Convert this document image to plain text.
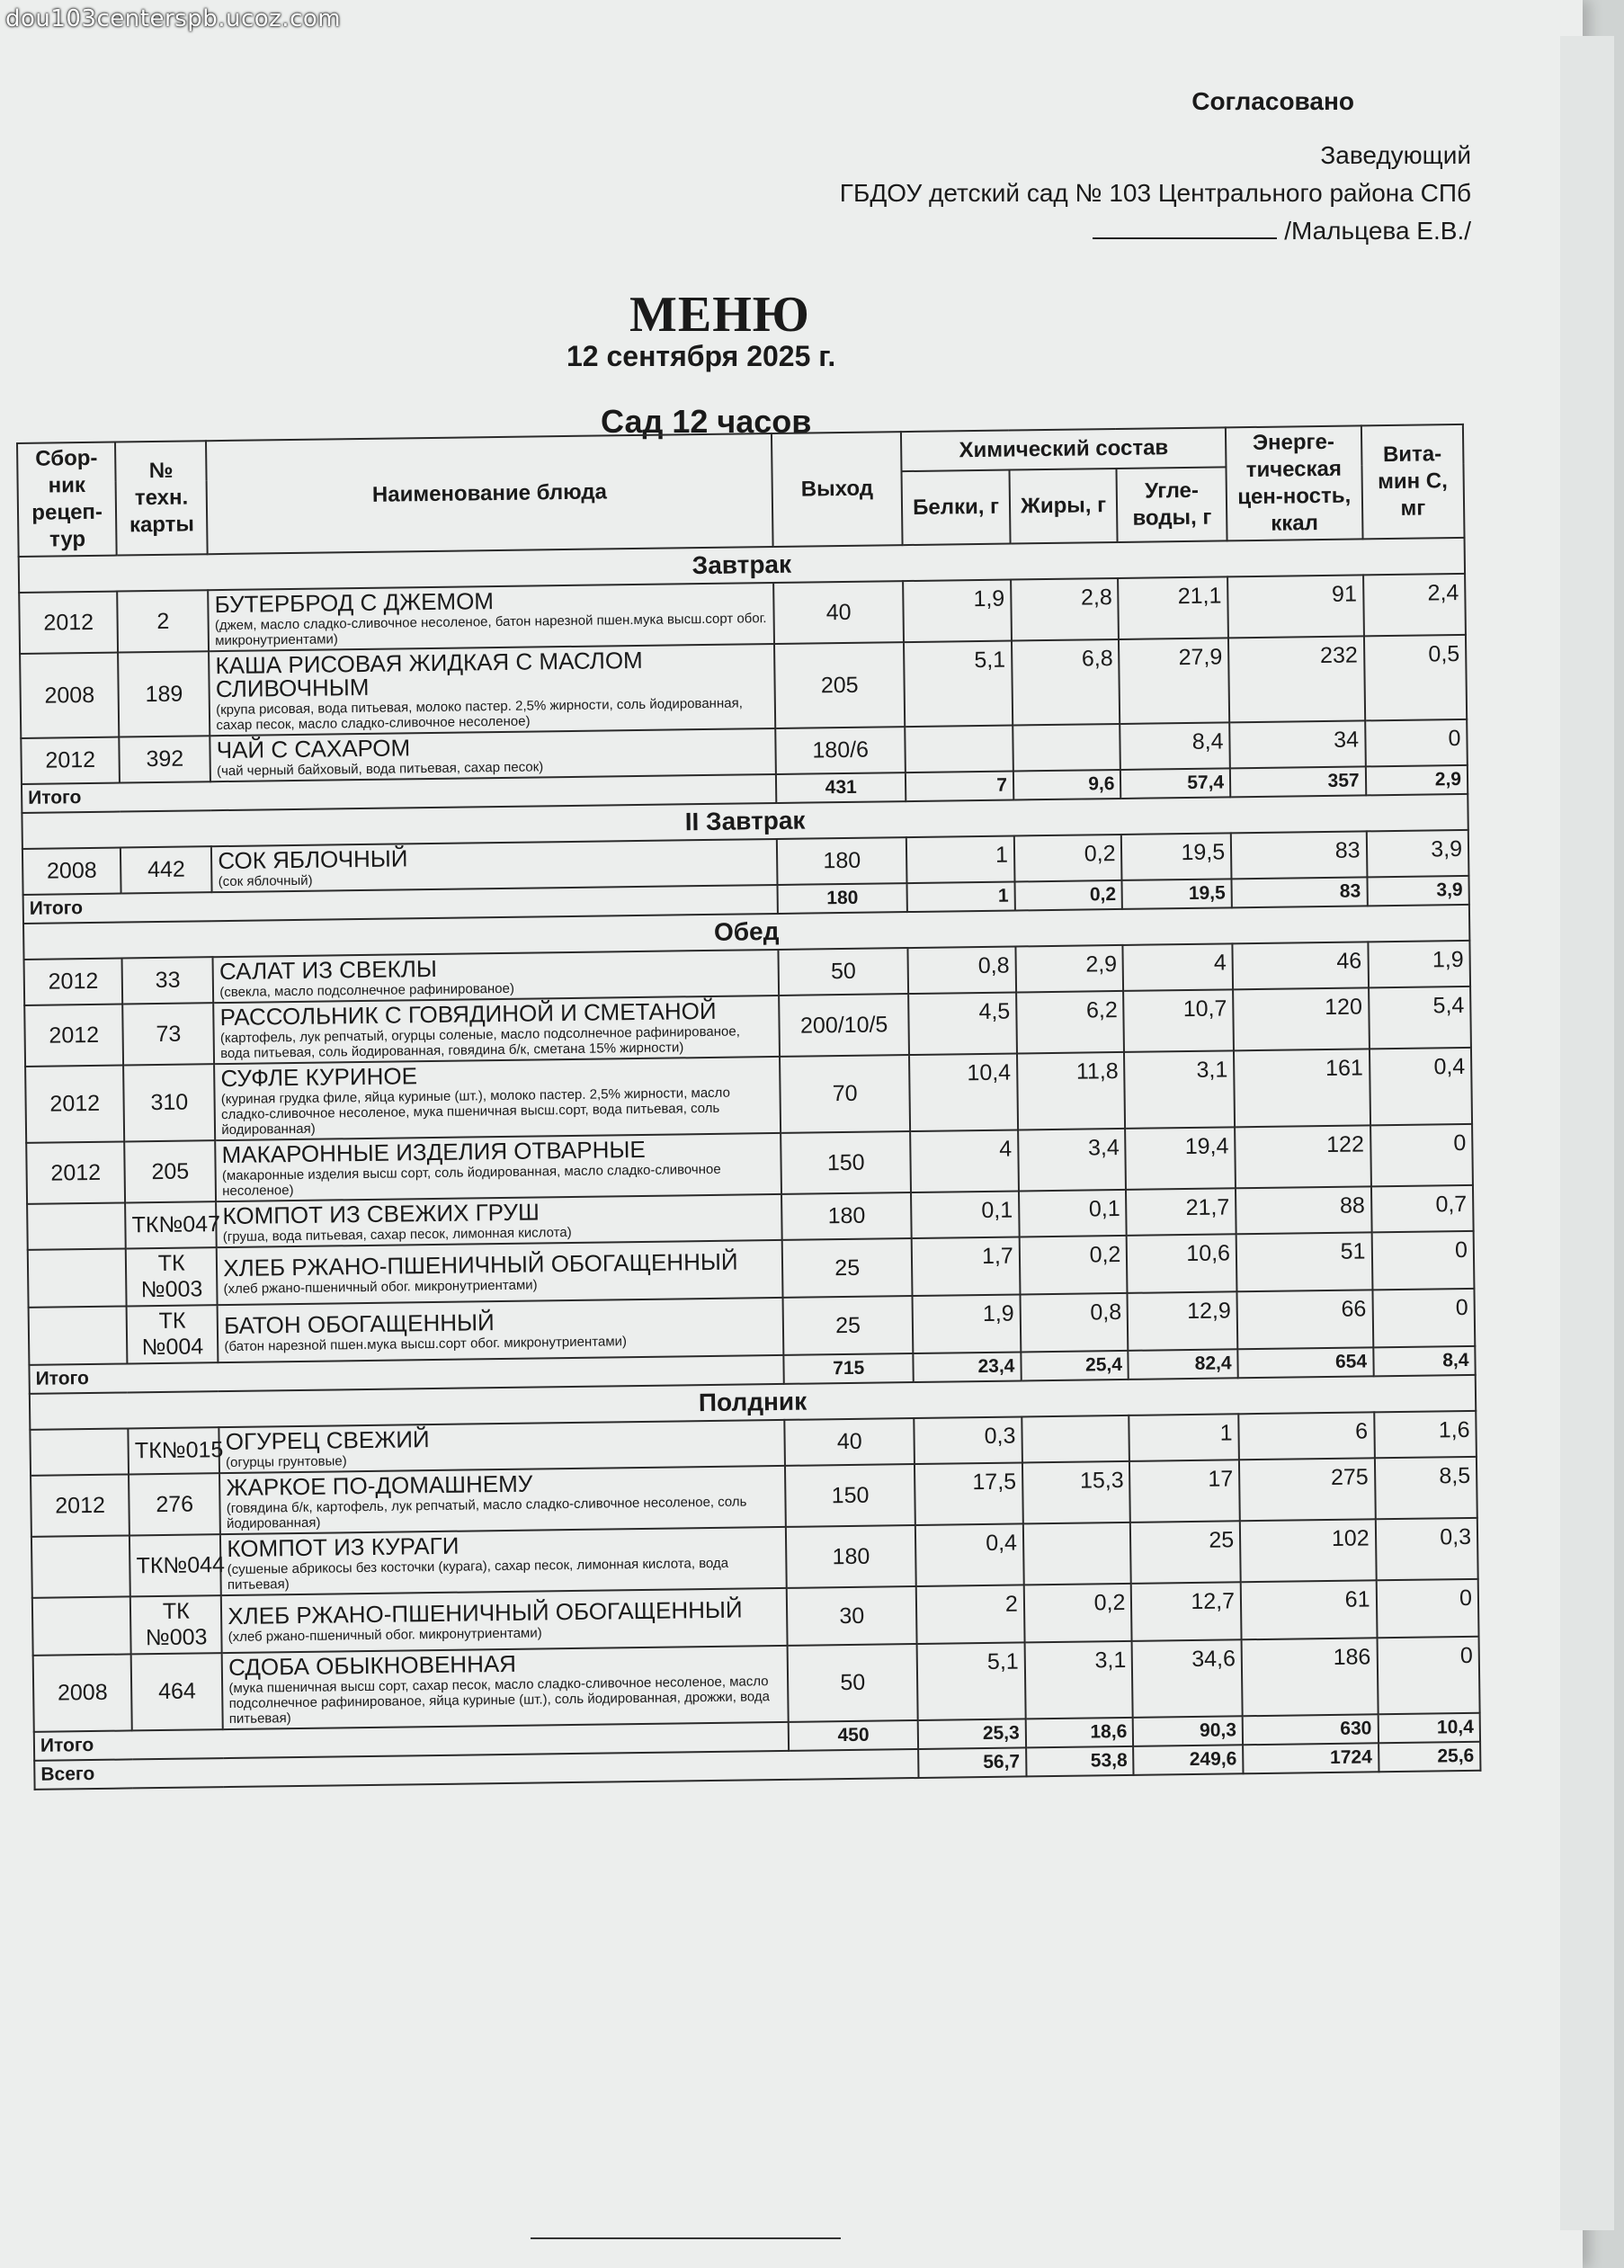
dou103centerspb.ucoz.com
Согласовано
Заведующий
ГБДОУ детский сад № 103 Центрального района СПб
/Мальцева Е.В./
МЕНЮ
12 сентября 2025 г.
Сад 12 часов
Сбор-ник рецеп-тур	№ техн. карты	Наименование блюда	Выход	Химический состав			Энерге-тическая цен-ность, ккал	Вита-мин С, мг
				Белки, г	Жиры, г	Угле-воды, г		
Завтрак								
2012	2	БУТЕРБРОД С ДЖЕМОМ
(джем, масло сладко-сливочное несоленое, батон нарезной пшен.мука высш.сорт обог. микронутриентами)	40	1,9	2,8	21,1	91	2,4
2008	189	КАША РИСОВАЯ ЖИДКАЯ С МАСЛОМ СЛИВОЧНЫМ
(крупа рисовая, вода питьевая, молоко пастер. 2,5% жирности, соль йодированная, сахар песок, масло сладко-сливочное несоленое)	205	5,1	6,8	27,9	232	0,5
2012	392	ЧАЙ С САХАРОМ
(чай черный байховый, вода питьевая, сахар песок)	180/6			8,4	34	0
Итого			431	7	9,6	57,4	357	2,9
II Завтрак								
2008	442	СОК ЯБЛОЧНЫЙ
(сок яблочный)	180	1	0,2	19,5	83	3,9
Итого			180	1	0,2	19,5	83	3,9
Обед								
2012	33	САЛАТ ИЗ СВЕКЛЫ
(свекла, масло подсолнечное рафинированое)	50	0,8	2,9	4	46	1,9
2012	73	РАССОЛЬНИК С ГОВЯДИНОЙ И СМЕТАНОЙ
(картофель, лук репчатый, огурцы соленые, масло подсолнечное рафинированое, вода питьевая, соль йодированная, говядина б/к, сметана 15% жирности)	200/10/5	4,5	6,2	10,7	120	5,4
2012	310	СУФЛЕ КУРИНОЕ
(куриная грудка филе, яйца куриные (шт.), молоко пастер. 2,5% жирности, масло сладко-сливочное несоленое, мука пшеничная высш.сорт, вода питьевая, соль йодированная)	70	10,4	11,8	3,1	161	0,4
2012	205	МАКАРОННЫЕ ИЗДЕЛИЯ ОТВАРНЫЕ
(макаронные изделия высш сорт, соль йодированная, масло сладко-сливочное несоленое)	150	4	3,4	19,4	122	0
	ТК№047	КОМПОТ ИЗ СВЕЖИХ ГРУШ
(груша, вода питьевая, сахар песок, лимонная кислота)	180	0,1	0,1	21,7	88	0,7
	ТК №003	ХЛЕБ РЖАНО-ПШЕНИЧНЫЙ ОБОГАЩЕННЫЙ
(хлеб ржано-пшеничный обог. микронутриентами)	25	1,7	0,2	10,6	51	0
	ТК №004	БАТОН ОБОГАЩЕННЫЙ
(батон нарезной пшен.мука высш.сорт обог. микронутриентами)	25	1,9	0,8	12,9	66	0
Итого			715	23,4	25,4	82,4	654	8,4
Полдник								
	ТК№015	ОГУРЕЦ СВЕЖИЙ
(огурцы грунтовые)	40	0,3		1	6	1,6
2012	276	ЖАРКОЕ ПО-ДОМАШНЕМУ
(говядина б/к, картофель, лук репчатый, масло сладко-сливочное несоленое, соль йодированная)	150	17,5	15,3	17	275	8,5
	ТК№044	КОМПОТ ИЗ КУРАГИ
(сушеные абрикосы без косточки (курага), сахар песок, лимонная кислота, вода питьевая)	180	0,4		25	102	0,3
	ТК №003	ХЛЕБ РЖАНО-ПШЕНИЧНЫЙ ОБОГАЩЕННЫЙ
(хлеб ржано-пшеничный обог. микронутриентами)	30	2	0,2	12,7	61	0
2008	464	СДОБА ОБЫКНОВЕННАЯ
(мука пшеничная высш сорт, сахар песок, масло сладко-сливочное несоленое, масло подсолнечное рафинированое, яйца куриные (шт.), соль йодированная, дрожжи, вода питьевая)	50	5,1	3,1	34,6	186	0
Итого			450	25,3	18,6	90,3	630	10,4
Всего				56,7	53,8	249,6	1724	25,6
